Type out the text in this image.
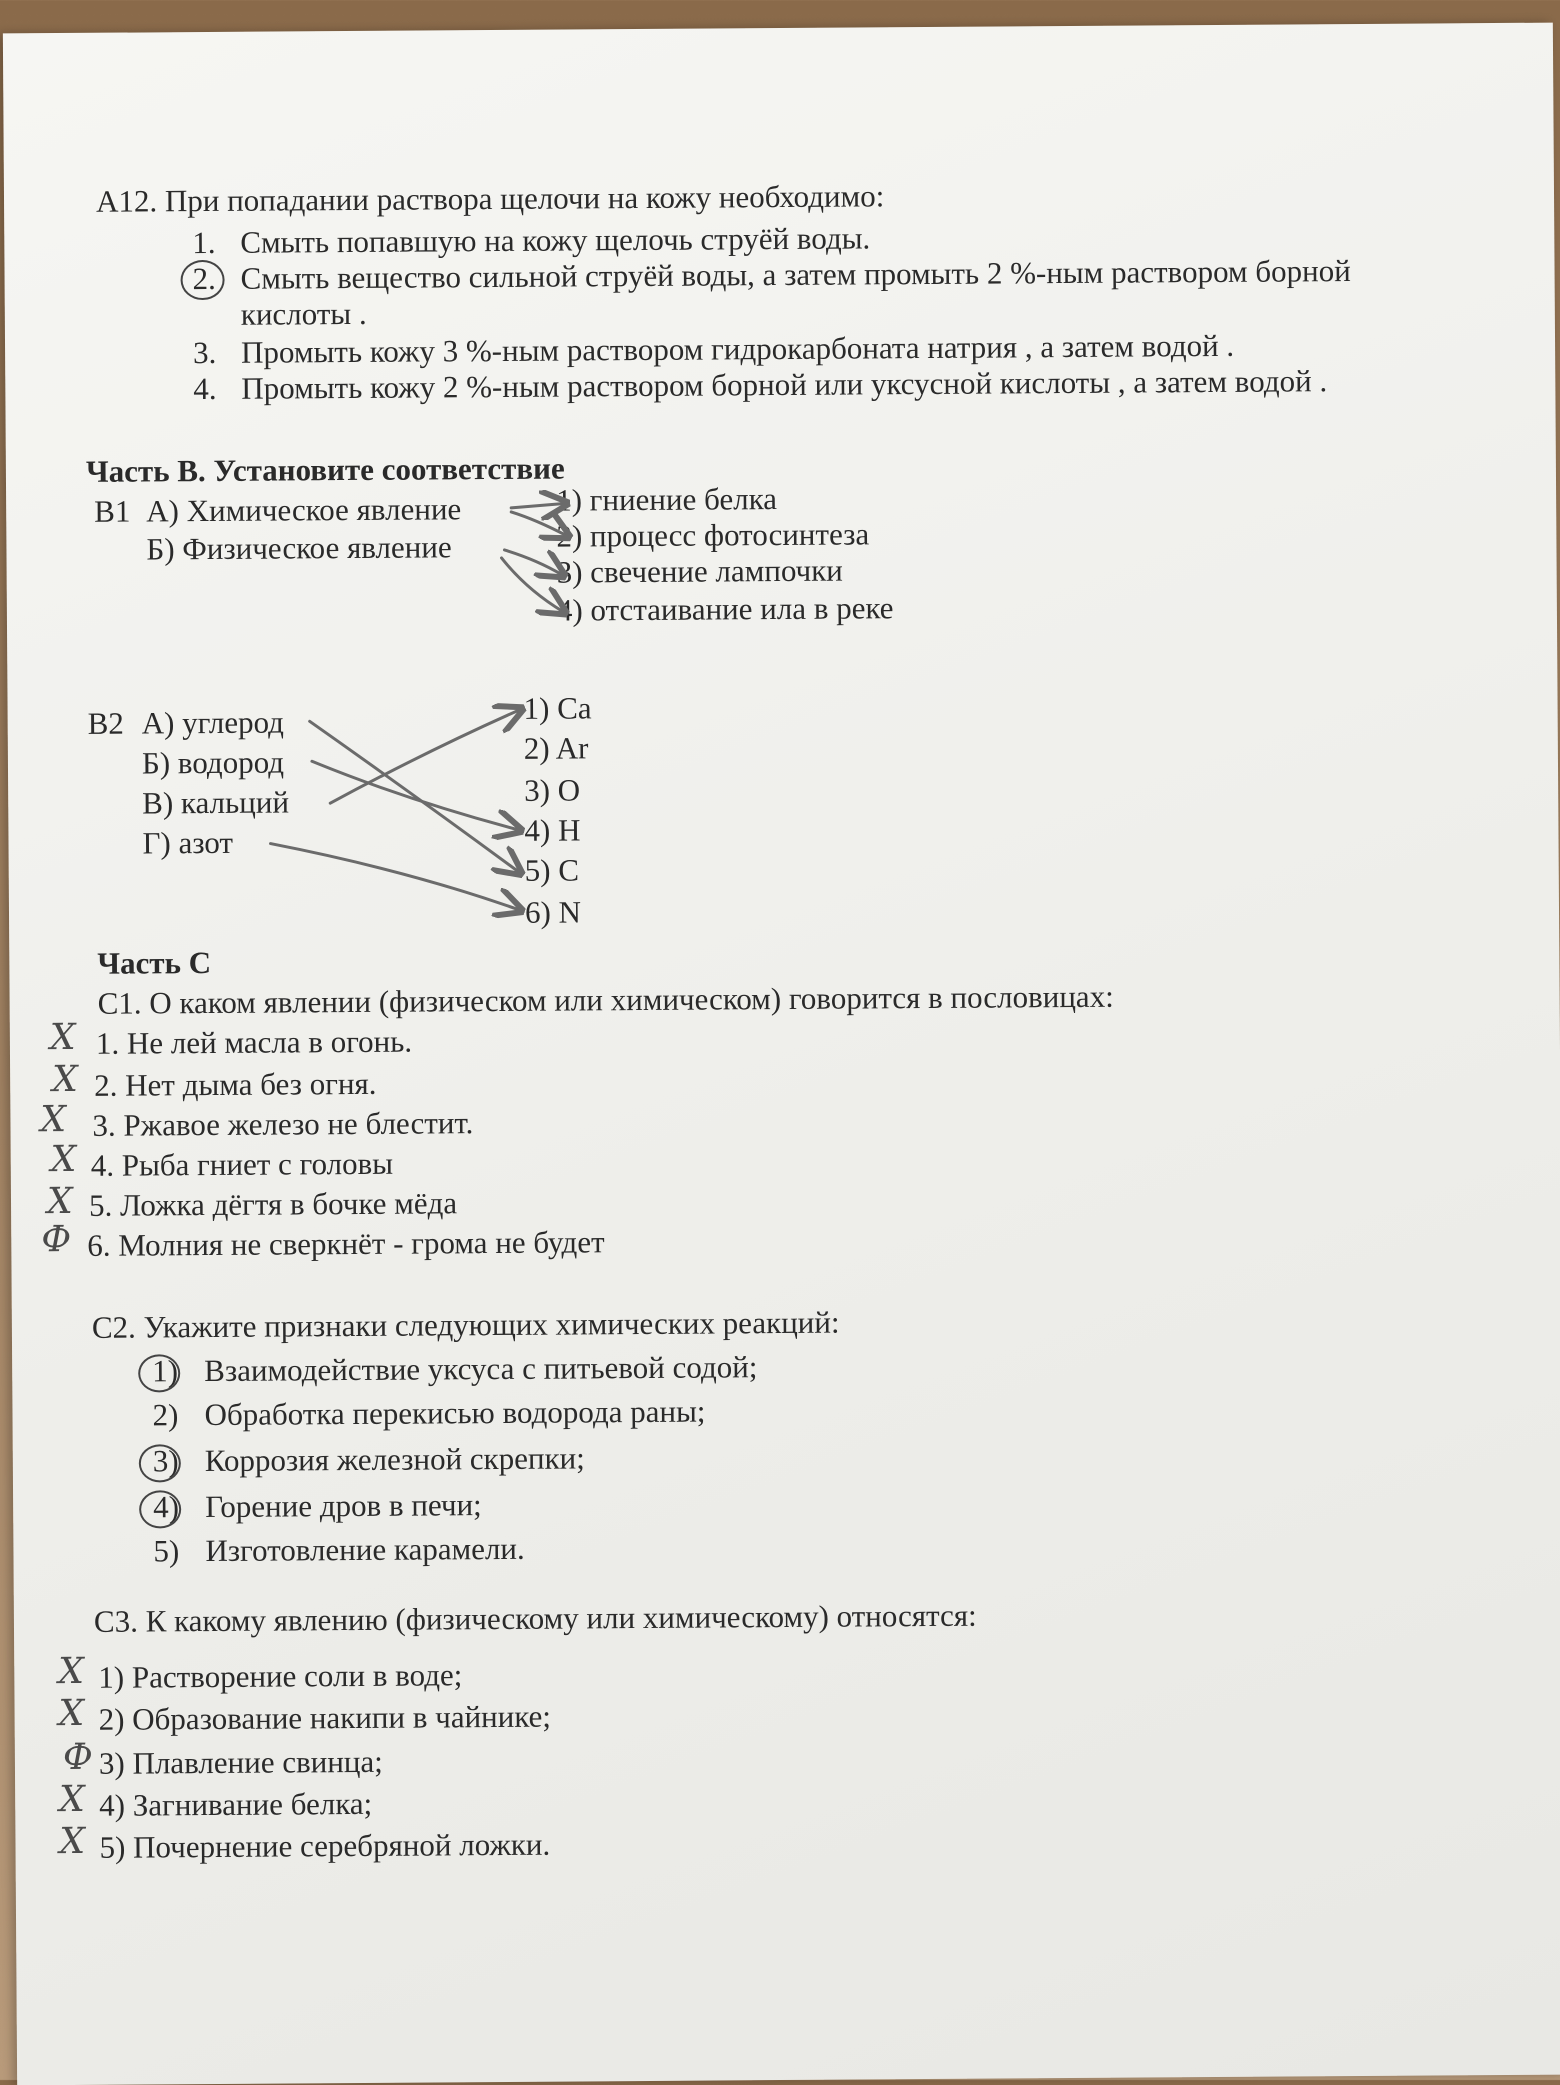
А12. При попадании раствора щелочи на кожу необходимо:
1. Смыть попавшую на кожу щелочь струёй воды.
2. Смыть вещество сильной струёй воды, а затем промыть 2 %-ным раствором борной
кислоты .
3. Промыть кожу 3 %-ным раствором гидрокарбоната натрия , а затем водой .
4. Промыть кожу 2 %-ным раствором борной или уксусной кислоты , а затем водой .
Часть В. Установите соответствие
В1 А) Химическое явление
Б) Физическое явление
1) гниение белка
2) процесс фотосинтеза
3) свечение лампочки
4) отстаивание ила в реке
В2 А) углерод
Б) водород
В) кальций
Г) азот
1) Ca
2) Ar
3) O
4) H
5) C
6) N
Часть С
С1. О каком явлении (физическом или химическом) говорится в пословицах:
1. Не лей масла в огонь.
2. Нет дыма без огня.
3. Ржавое железо не блестит.
4. Рыба гниет с головы
5. Ложка дёгтя в бочке мёда
6. Молния не сверкнёт - грома не будет
Х
Х
Х
Х
Х
Ф
С2. Укажите признаки следующих химических реакций:
1) Взаимодействие уксуса с питьевой содой;
2) Обработка перекисью водорода раны;
3) Коррозия железной скрепки;
4) Горение дров в печи;
5) Изготовление карамели.
С3. К какому явлению (физическому или химическому) относятся:
1) Растворение соли в воде;
2) Образование накипи в чайнике;
3) Плавление свинца;
4) Загнивание белка;
5) Почернение серебряной ложки.
Х
Х
Ф
Х
Х
